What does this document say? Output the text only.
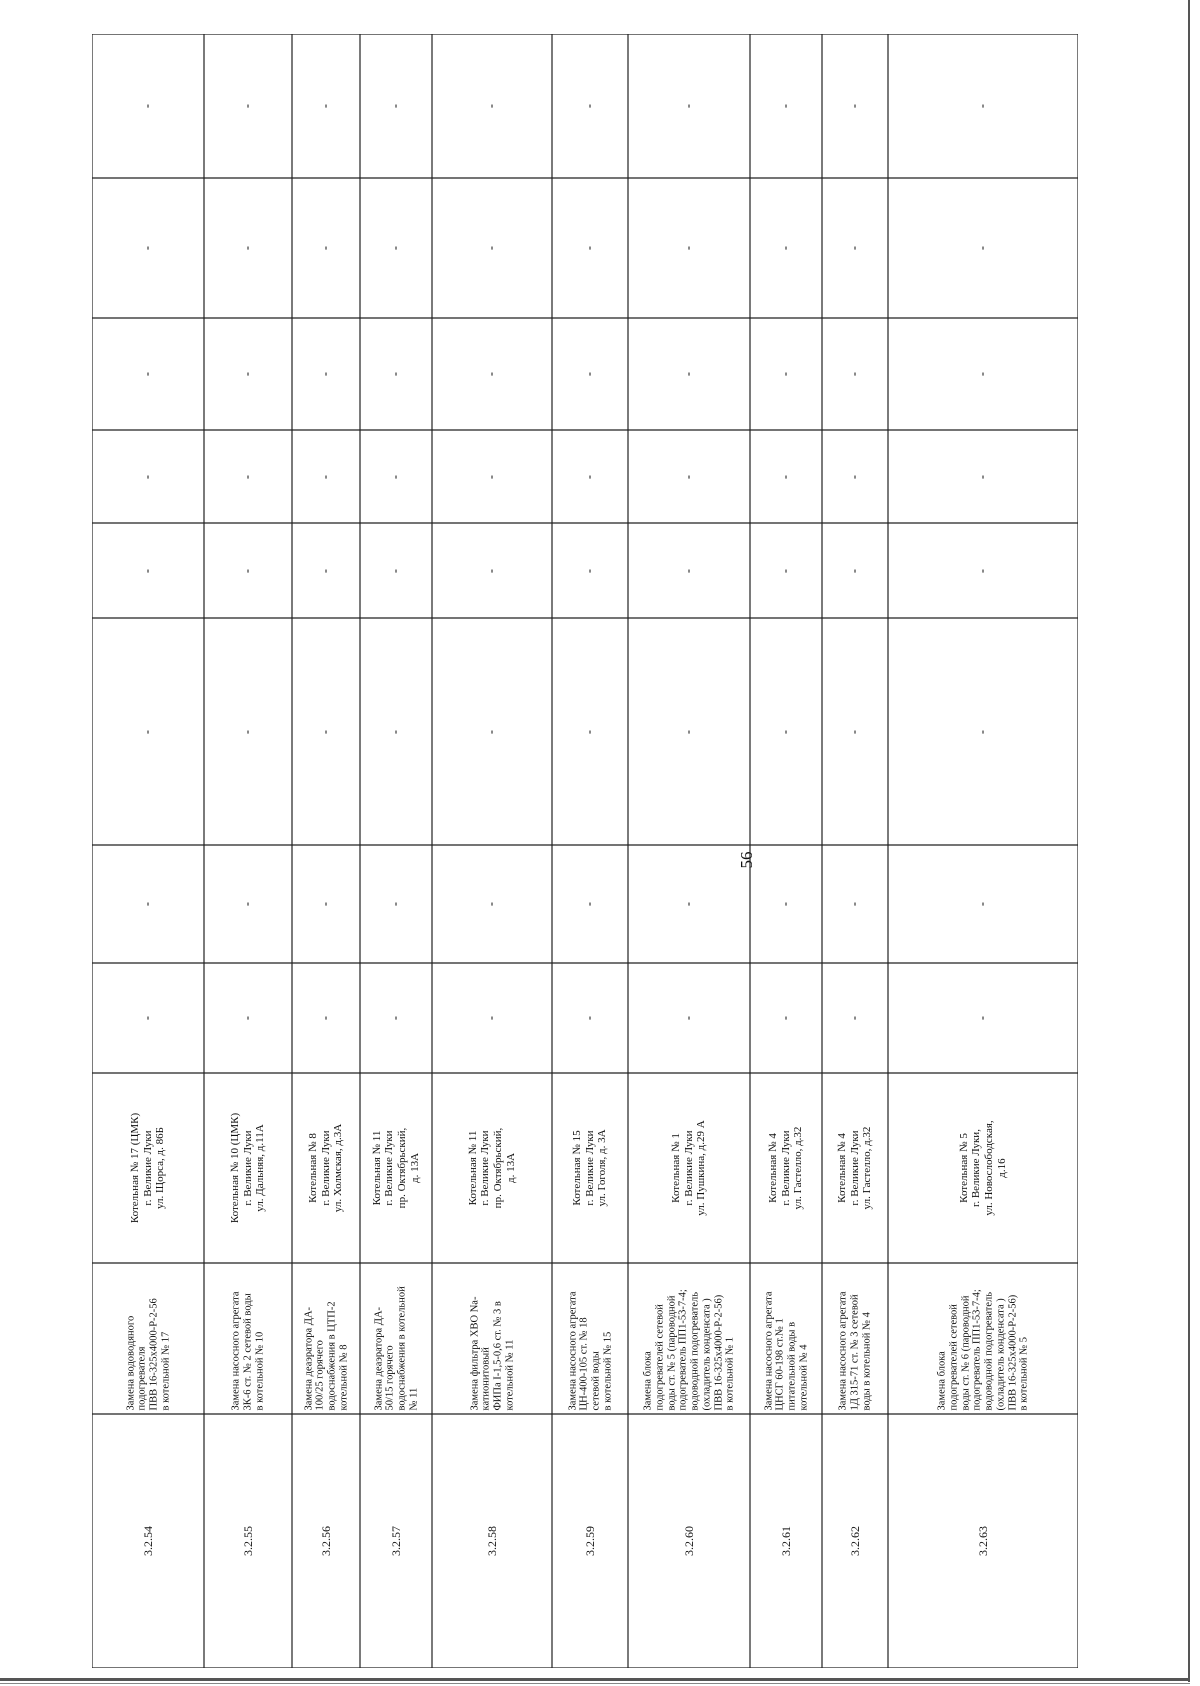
56
3.2.54
Замена водоводяного
подогревателя
ПВВ 16-325x4000-Р-2-56
в котельной № 17
Котельная № 17 (ЦМК)
г. Великие Луки
ул. Щорса, д. 86Б
-
-
-
-
-
-
-
-
3.2.55
Замена насосного агрегата
3К-6 ст. № 2 сетевой воды
в котельной № 10
Котельная № 10 (ЦМК)
г. Великие Луки
ул. Дальняя, д.11А
-
-
-
-
-
-
-
-
3.2.56
Замена деаэратора ДА-
100/25 горячего
водоснабжения в ЦТП-2
котельной № 8
Котельная № 8
г. Великие Луки
ул. Холмская, д.3А
-
-
-
-
-
-
-
-
3.2.57
Замена деаэратора ДА-
50/15 горячего
водоснабжения в котельной
№ 11
Котельная № 11
г. Великие Луки
пр. Октябрьский,
д. 13А
-
-
-
-
-
-
-
-
3.2.58
Замена фильтра ХВО Na-
катионитовый
ФИПа I-1,5-0,6 ст. № 3 в
котельной № 11
Котельная № 11
г. Великие Луки
пр. Октябрьский,
д. 13А
-
-
-
-
-
-
-
-
3.2.59
Замена насосного агрегата
ЦН-400-105 ст. № 18
сетевой воды
в котельной № 15
Котельная № 15
г. Великие Луки
ул. Гоголя, д. 3А
-
-
-
-
-
-
-
-
3.2.60
Замена блока
подогревателей сетевой
воды ст. № 5 (пароводной
подогреватель ПП1-53-7-4;
водоводной подогреватель
(охладитель конденсата )
ПВВ 16-325x4000-Р-2-56)
в котельной № 1
Котельная № 1
г. Великие Луки
ул. Пушкина, д.29 А
-
-
-
-
-
-
-
-
3.2.61
Замена насосного агрегата
ЦНСГ 60-198 ст.№ 1
питательной воды в
котельной № 4
Котельная № 4
г. Великие Луки
ул. Гастелло, д.32
-
-
-
-
-
-
-
-
3.2.62
Замена насосного агрегата
1Д 315-71 ст. № 3 сетевой
воды в котельной № 4
Котельная № 4
г. Великие Луки
ул. Гастелло, д.32
-
-
-
-
-
-
-
-
3.2.63
Замена блока
подогревателей сетевой
воды ст. № 6 (пароводной
подогреватель ПП1-53-7-4;
водоводной подогреватель
(охладитель конденсата )
ПВВ 16-325x4000-Р-2-56)
в котельной № 5
Котельная № 5
г. Великие Луки,
ул. Новослободская,
д.16
-
-
-
-
-
-
-
-
